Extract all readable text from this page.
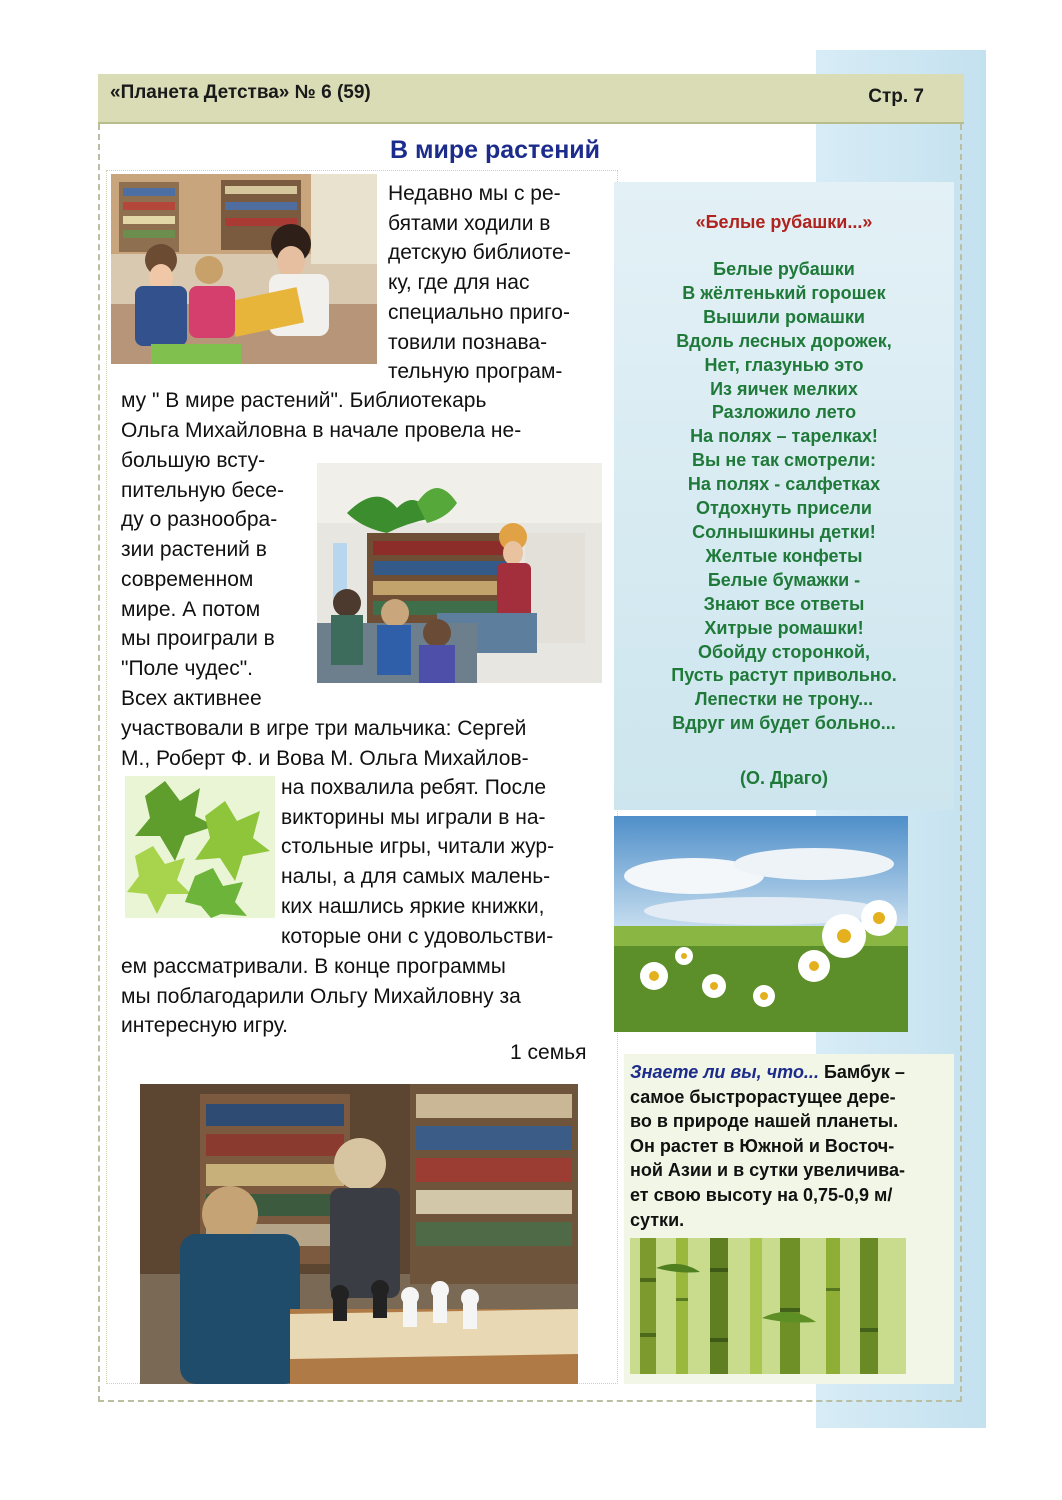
«Планета Детства» № 6 (59)	Стр. 7
В мире растений
Недавно мы с ре-
бятами ходили в
детскую библиоте-
ку, где для нас
специально приго-
товили познава-
тельную програм-
му " В мире растений". Библиотекарь
Ольга Михайловна в начале провела не-
большую всту-
пительную бесе-
ду о разнообра-
зии растений в
современном
мире. А потом
мы проиграли в
"Поле чудес".
Всех активнее
участвовали в игре три мальчика: Сергей
М., Роберт Ф. и Вова М. Ольга Михайлов-
на похвалила ребят. После
викторины мы играли в на-
стольные игры, читали жур-
налы, а для самых малень-
ких нашлись яркие книжки,
которые они с удовольстви-
ем рассматривали. В конце программы
мы поблагодарили Ольгу Михайловну за
интересную игру.
1 семья
«Белые рубашки...»
Белые рубашки
В жёлтенький горошек
Вышили ромашки
Вдоль лесных дорожек,
Нет, глазунью это
Из яичек мелких
Разложило лето
На полях – тарелках!
Вы не так смотрели:
На полях - салфетках
Отдохнуть присели
Солнышкины детки!
Желтые конфеты
Белые бумажки -
Знают все ответы
Хитрые ромашки!
Обойду сторонкой,
Пусть растут привольно.
Лепестки не трону...
Вдруг им будет больно...
(О. Драго)
Знаете ли вы, что... Бамбук –
самое быстрорастущее дере-
во в природе нашей планеты.
Он растет в Южной и Восточ-
ной Азии и в сутки увеличива-
ет свою высоту на 0,75-0,9 м/
сутки.
